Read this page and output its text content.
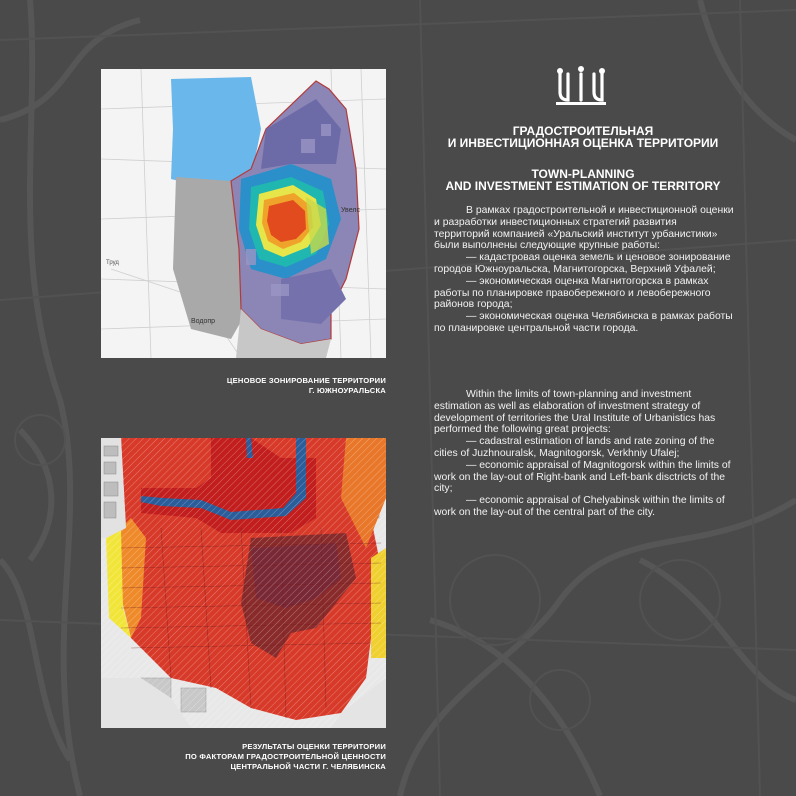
Увелс
Труд
Водопр
ЦЕНОВОЕ ЗОНИРОВАНИЕ ТЕРРИТОРИИ
Г. ЮЖНОУРАЛЬСКА
РЕЗУЛЬТАТЫ ОЦЕНКИ ТЕРРИТОРИИ
ПО ФАКТОРАМ ГРАДОСТРОИТЕЛЬНОЙ ЦЕННОСТИ
ЦЕНТРАЛЬНОЙ ЧАСТИ Г. ЧЕЛЯБИНСКА
ГРАДОСТРОИТЕЛЬНАЯ
И ИНВЕСТИЦИОННАЯ ОЦЕНКА ТЕРРИТОРИИ
TOWN-PLANNING
AND INVESTMENT ESTIMATION OF TERRITORY

В рамках градостроительной и инвестиционной оценки и разработки инвестиционных стратегий развития территорий компанией «Уральский институт урбанистики» были выполнены следующие крупные работы:

— кадастровая оценка земель и ценовое зонирование городов Южноуральска, Магнитогорска, Верхний Уфалей;

— экономическая оценка Магнитогорска в рамках работы по планировке правобережного и левобережного районов города;

— экономическая оценка Челябинска в рамках работы по планировке центральной части города.

Within the limits of town-planning and investment estimation as well as elaboration of investment strategy of development of territories the Ural Institute of Urbanistics has performed the following great projects:

— cadastral estimation of lands and rate zoning of the cities of Juzhnouralsk, Magnitogorsk, Verkhniy Ufalej;

— economic appraisal of Magnitogorsk within the limits of work on the lay-out of Right-bank and Left-bank disctricts of the city;

— economic appraisal of Chelyabinsk within the limits of work on the lay-out of the central part of the city.
